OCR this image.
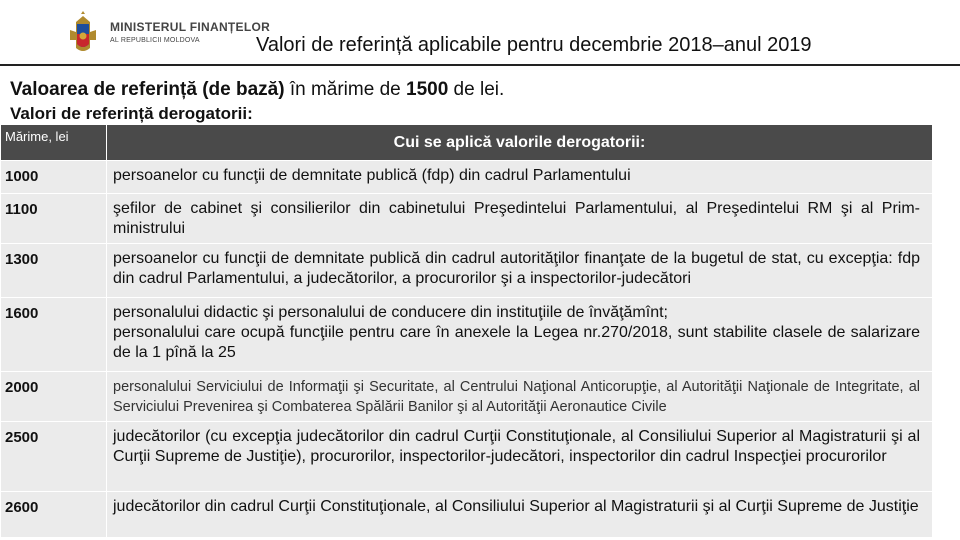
MINISTERUL FINANȚELOR
AL REPUBLICII MOLDOVA	Valori de referință aplicabile pentru decembrie 2018–anul 2019
Valoarea de referință (de bază) în mărime de 1500 de lei.
Valori de referință derogatorii:
Mărime, lei	Cui se aplică valorile derogatorii:
1000	persoanelor cu funcţii de demnitate publică (fdp) din cadrul Parlamentului
1100	şefilor de cabinet şi consilierilor din cabinetului Preşedintelui Parlamentului, al Preşedintelui RM şi al Prim-ministrului
1300	persoanelor cu funcţii de demnitate publică din cadrul autorităţilor finanţate de la bugetul de stat, cu excepţia: fdp din cadrul Parlamentului, a judecătorilor, a procurorilor şi a inspectorilor-judecători
1600	personalului didactic şi personalului de conducere din instituţiile de învăţămînt;
personalului care ocupă funcţiile pentru care în anexele la Legea nr.270/2018, sunt stabilite clasele de salarizare de la 1 pînă la 25

2000	personalului Serviciului de Informaţii şi Securitate, al Centrului Naţional Anticorupţie, al Autorităţii Naţionale de Integritate, al Serviciului Prevenirea şi Combaterea Spălării Banilor şi al Autorităţii Aeronautice Civile
2500	judecătorilor (cu excepţia judecătorilor din cadrul Curţii Constituţionale, al Consiliului Superior al Magistraturii şi al Curţii Supreme de Justiţie), procurorilor, inspectorilor-judecători, inspectorilor din cadrul Inspecţiei procurorilor
2600	judecătorilor din cadrul Curţii Constituţionale, al Consiliului Superior al Magistraturii şi al Curţii Supreme de Justiţie
